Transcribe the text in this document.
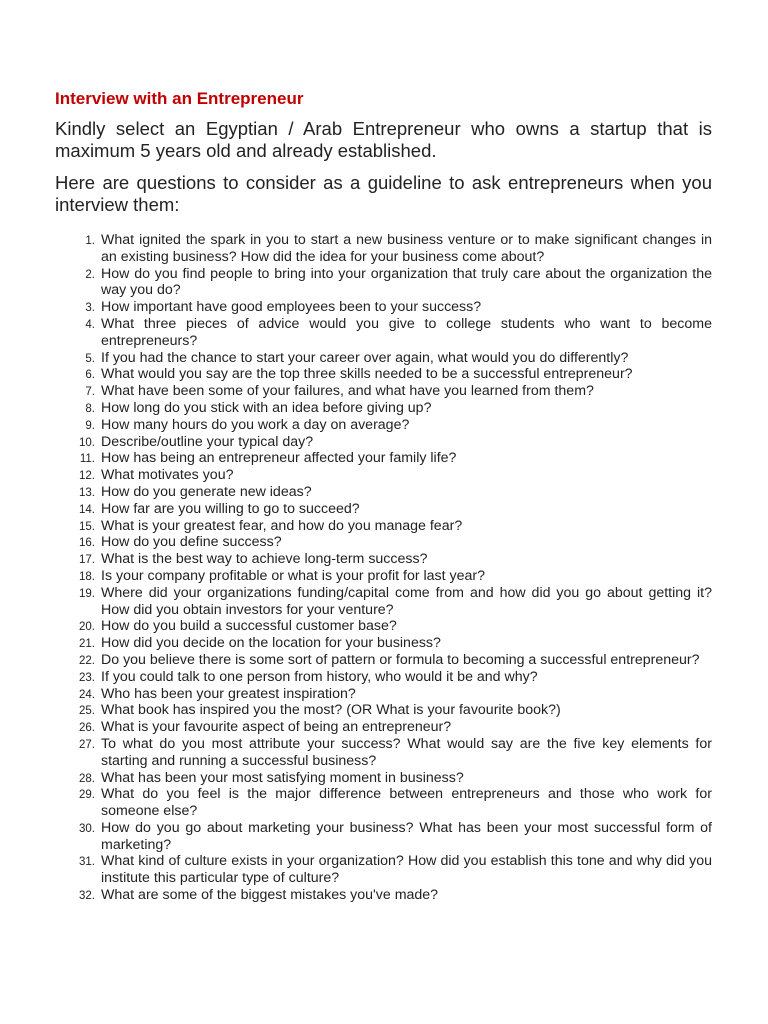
Interview with an Entrepreneur

Kindly select an Egyptian / Arab Entrepreneur who owns a startup that is maximum 5 years old and already established.

Here are questions to consider as a guideline to ask entrepreneurs when you interview them:

1. What ignited the spark in you to start a new business venture or to make significant changes in an existing business? How did the idea for your business come about?
2. How do you find people to bring into your organization that truly care about the organization the way you do?
3. How important have good employees been to your success?
4. What three pieces of advice would you give to college students who want to become entrepreneurs?
5. If you had the chance to start your career over again, what would you do differently?
6. What would you say are the top three skills needed to be a successful entrepreneur?
7. What have been some of your failures, and what have you learned from them?
8. How long do you stick with an idea before giving up?
9. How many hours do you work a day on average?
10. Describe/outline your typical day?
11. How has being an entrepreneur affected your family life?
12. What motivates you?
13. How do you generate new ideas?
14. How far are you willing to go to succeed?
15. What is your greatest fear, and how do you manage fear?
16. How do you define success?
17. What is the best way to achieve long-term success?
18. Is your company profitable or what is your profit for last year?
19. Where did your organizations funding/capital come from and how did you go about getting it? How did you obtain investors for your venture?
20. How do you build a successful customer base?
21. How did you decide on the location for your business?
22. Do you believe there is some sort of pattern or formula to becoming a successful entrepreneur?
23. If you could talk to one person from history, who would it be and why?
24. Who has been your greatest inspiration?
25. What book has inspired you the most? (OR What is your favourite book?)
26. What is your favourite aspect of being an entrepreneur?
27. To what do you most attribute your success? What would say are the five key elements for starting and running a successful business?
28. What has been your most satisfying moment in business?
29. What do you feel is the major difference between entrepreneurs and those who work for someone else?
30. How do you go about marketing your business? What has been your most successful form of marketing?
31. What kind of culture exists in your organization? How did you establish this tone and why did you institute this particular type of culture?
32. What are some of the biggest mistakes you've made?
